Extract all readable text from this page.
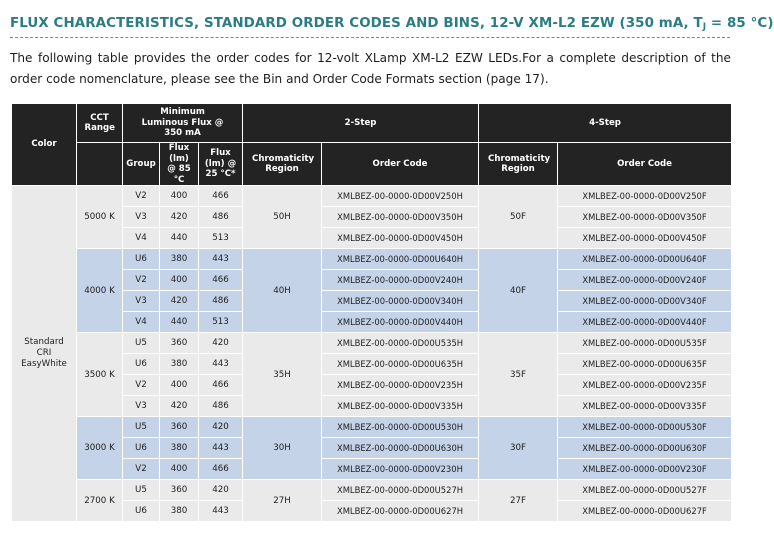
FLUX CHARACTERISTICS, STANDARD ORDER CODES AND BINS, 12-V XM-L2 EZW (350 mA, $T_J = 85$ °C)
The following table provides the order codes for 12-volt XLamp XM-L2 EZW LEDs.For a complete description of the order code nomenclature, please see the Bin and Order Code Formats section (page 17).
Color	CCT Range	Minimum Luminous Flux @ 350 mA			2-Step		4-Step	
		Group	Flux (lm) @ 85 °C	Flux (lm) @ 25 °C*	Chromaticity Region	Order Code	Chromaticity Region	Order Code

Standard CRI EasyWhite	5000 K	V2	400	466	50H	XMLBEZ-00-0000-0D00V250H	50F	XMLBEZ-00-0000-0D00V250F
		V3	420	486		XMLBEZ-00-0000-0D00V350H		XMLBEZ-00-0000-0D00V350F
		V4	440	513		XMLBEZ-00-0000-0D00V450H		XMLBEZ-00-0000-0D00V450F
	4000 K	U6	380	443	40H	XMLBEZ-00-0000-0D00U640H	40F	XMLBEZ-00-0000-0D00U640F
		V2	400	466		XMLBEZ-00-0000-0D00V240H		XMLBEZ-00-0000-0D00V240F
		V3	420	486		XMLBEZ-00-0000-0D00V340H		XMLBEZ-00-0000-0D00V340F
		V4	440	513		XMLBEZ-00-0000-0D00V440H		XMLBEZ-00-0000-0D00V440F
	3500 K	U5	360	420	35H	XMLBEZ-00-0000-0D00U535H	35F	XMLBEZ-00-0000-0D00U535F
		U6	380	443		XMLBEZ-00-0000-0D00U635H		XMLBEZ-00-0000-0D00U635F
		V2	400	466		XMLBEZ-00-0000-0D00V235H		XMLBEZ-00-0000-0D00V235F
		V3	420	486		XMLBEZ-00-0000-0D00V335H		XMLBEZ-00-0000-0D00V335F
	3000 K	U5	360	420	30H	XMLBEZ-00-0000-0D00U530H	30F	XMLBEZ-00-0000-0D00U530F
		U6	380	443		XMLBEZ-00-0000-0D00U630H		XMLBEZ-00-0000-0D00U630F
		V2	400	466		XMLBEZ-00-0000-0D00V230H		XMLBEZ-00-0000-0D00V230F
	2700 K	U5	360	420	27H	XMLBEZ-00-0000-0D00U527H	27F	XMLBEZ-00-0000-0D00U527F
		U6	380	443		XMLBEZ-00-0000-0D00U627H		XMLBEZ-00-0000-0D00U627F
